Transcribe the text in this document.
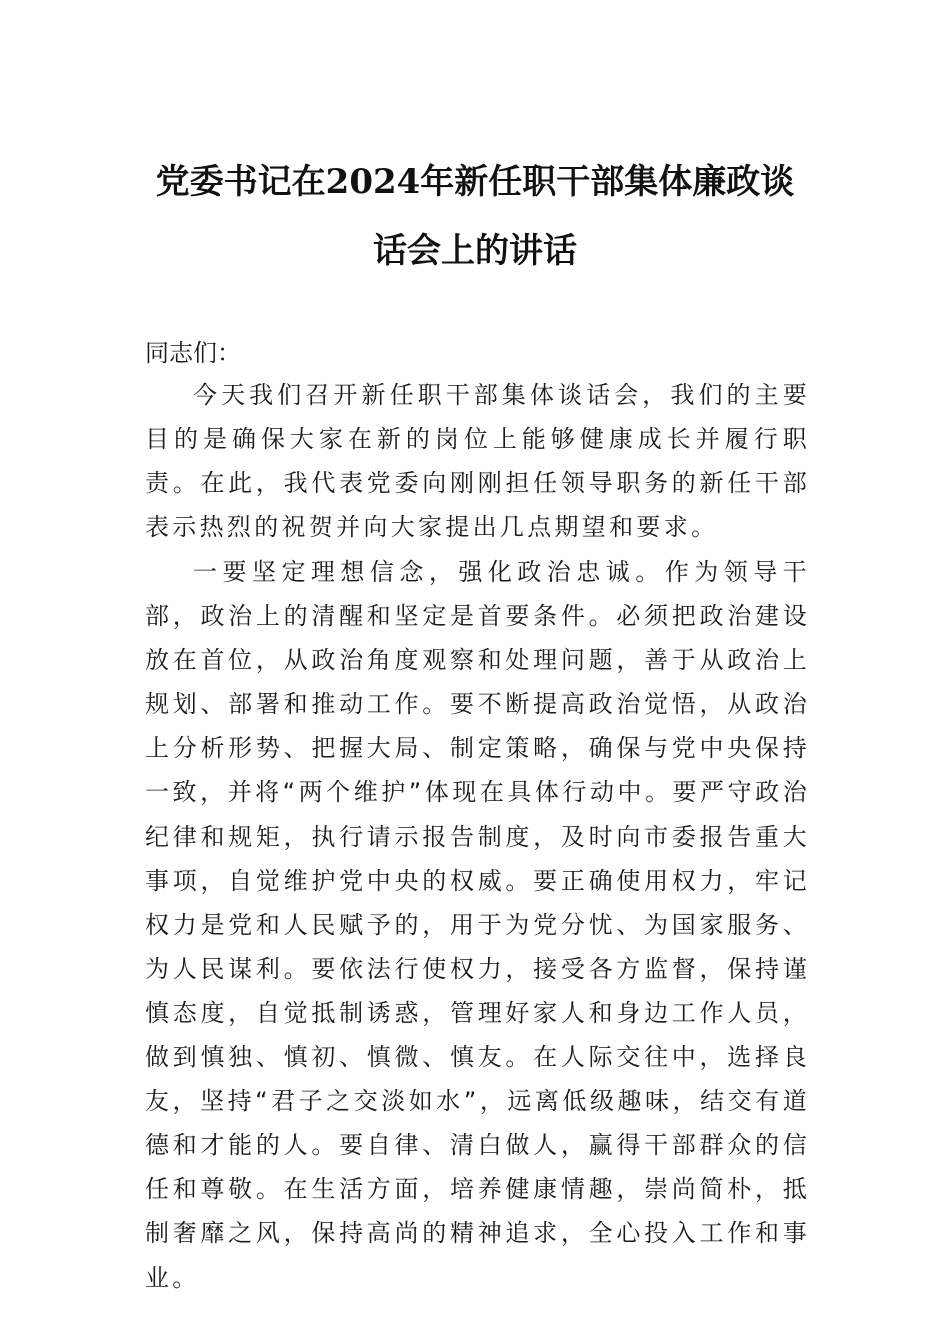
党委书记在2024年新任职干部集体廉政谈
话会上的讲话
同志们：

今天我们召开新任职干部集体谈话会，我们的主要目的是确保大家在新的岗位上能够健康成长并履行职责。在此，我代表党委向刚刚担任领导职务的新任干部表示热烈的祝贺并向大家提出几点期望和要求。

一要坚定理想信念，强化政治忠诚。作为领导干部，政治上的清醒和坚定是首要条件。必须把政治建设放在首位，从政治角度观察和处理问题，善于从政治上规划、部署和推动工作。要不断提高政治觉悟，从政治上分析形势、把握大局、制定策略，确保与党中央保持一致，并将“两个维护”体现在具体行动中。要严守政治纪律和规矩，执行请示报告制度，及时向市委报告重大事项，自觉维护党中央的权威。要正确使用权力，牢记权力是党和人民赋予的，用于为党分忧、为国家服务、为人民谋利。要依法行使权力，接受各方监督，保持谨慎态度，自觉抵制诱惑，管理好家人和身边工作人员，做到慎独、慎初、慎微、慎友。在人际交往中，选择良友，坚持“君子之交淡如水”，远离低级趣味，结交有道德和才能的人。要自律、清白做人，赢得干部群众的信任和尊敬。在生活方面，培养健康情趣，崇尚简朴，抵制奢靡之风，保持高尚的精神追求，全心投入工作和事业。
